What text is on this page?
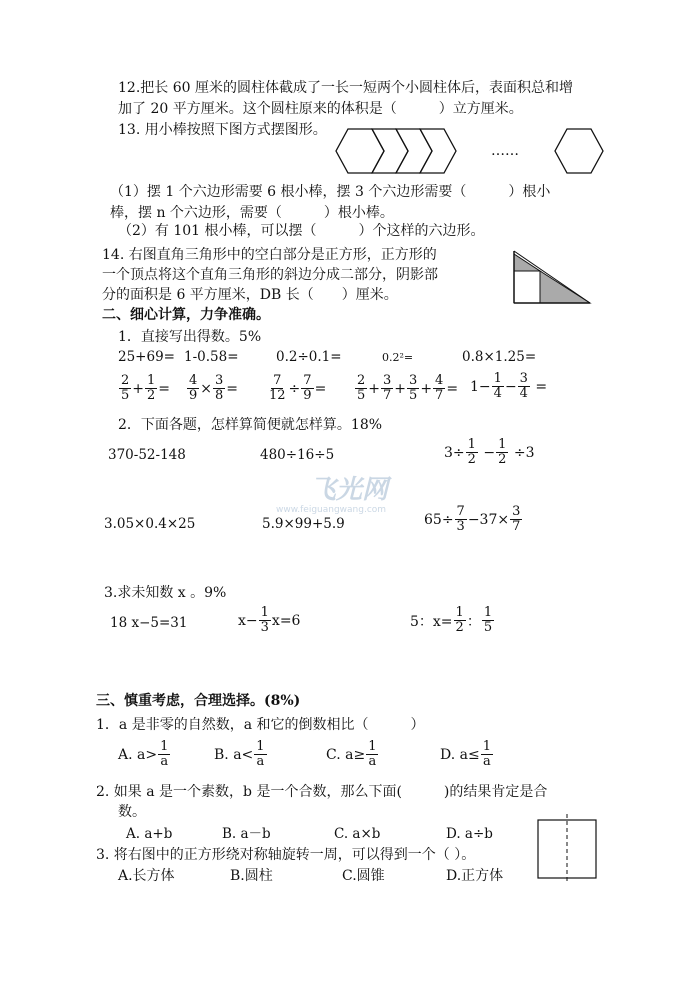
12.把长 60 厘米的圆柱体截成了一长一短两个小圆柱体后，表面积总和增
加了 20 平方厘米。这个圆柱原来的体积是（　　　）立方厘米。
13. 用小棒按照下图方式摆图形。
……
（1）摆 1 个六边形需要 6 根小棒，摆 3 个六边形需要（　　　）根小
棒，摆 n 个六边形，需要（　　　）根小棒。
（2）有 101 根小棒，可以摆（　　　）个这样的六边形。
14. 右图直角三角形中的空白部分是正方形，正方形的
一个顶点将这个直角三角形的斜边分成二部分，阴影部
分的面积是 6 平方厘米，DB 长（　　）厘米。
二、细心计算，力争准确。
1．直接写出得数。5%
25+69= 1-0.58=	0.2÷0.1=	0.2²=	0.8×1.25=
$\frac{2}{5} + \frac{1}{2} = \frac{4}{9} \times \frac{3}{8} = \frac{7}{12} \div \frac{7}{9} = \frac{2}{5} + \frac{3}{7} + \frac{3}{5} + \frac{4}{7} = 1 - \frac{1}{4} - \frac{3}{4}$ =
2．下面各题，怎样算简便就怎样算。18%
370-52-148	480÷16÷5	$3\div \frac{1}{2}$
− $\frac{1}{2}$
÷3
飞光网
www.feiguangwang.com
3.05×0.4×25	5.9×99+5.9	$65\div \frac{7}{3} -37\times \frac{3}{7}$
3.求未知数 x 。9%
18 x−5=31	$x- \frac{1}{3} x=6$	5：$x= \frac{1}{2}$ ： $\frac{1}{5}$
三、慎重考虑，合理选择。(8%)
1．a 是非零的自然数，a 和它的倒数相比（　　　）
A. $a> \frac{1}{a}$	B. $a< \frac{1}{a}$	C. $a\ge \frac{1}{a}$	D. $a\le \frac{1}{a}$
2. 如果 a 是一个素数，b 是一个合数，那么下面(　　　)的结果肯定是合
数。
A. a+b	B. a－b	C. a×b	D. a÷b
3. 将右图中的正方形绕对称轴旋转一周，可以得到一个（ ）。
A.长方体	B.圆柱	C.圆锥	D.正方体
